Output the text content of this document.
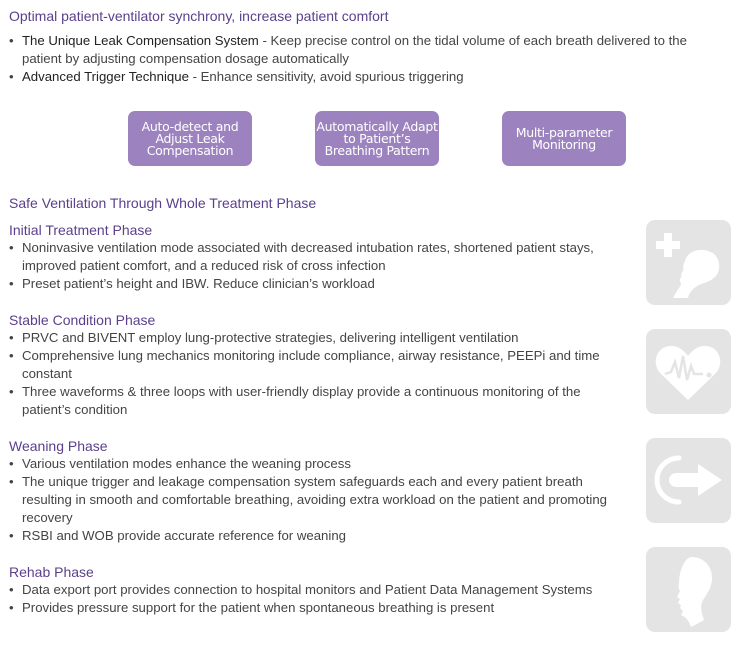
Optimal patient-ventilator synchrony, increase patient comfort
• The Unique Leak Compensation System - Keep precise control on the tidal volume of each breath delivered to the patient by adjusting compensation dosage automatically
• Advanced Trigger Technique - Enhance sensitivity, avoid spurious triggering
Auto-detect and Adjust Leak Compensation
Automatically Adapt to Patient’s Breathing Pattern
Multi-parameter Monitoring
Safe Ventilation Through Whole Treatment Phase
Initial Treatment Phase
• Noninvasive ventilation mode associated with decreased intubation rates, shortened patient stays, improved patient comfort, and a reduced risk of cross infection
• Preset patient’s height and IBW. Reduce clinician’s workload
Stable Condition Phase
• PRVC and BIVENT employ lung-protective strategies, delivering intelligent ventilation
• Comprehensive lung mechanics monitoring include compliance, airway resistance, PEEPi and time constant
• Three waveforms & three loops with user-friendly display provide a continuous monitoring of the patient’s condition
Weaning Phase
• Various ventilation modes enhance the weaning process
• The unique trigger and leakage compensation system safeguards each and every patient breath resulting in smooth and comfortable breathing, avoiding extra workload on the patient and promoting recovery
• RSBI and WOB provide accurate reference for weaning
Rehab Phase
• Data export port provides connection to hospital monitors and Patient Data Management Systems
• Provides pressure support for the patient when spontaneous breathing is present
